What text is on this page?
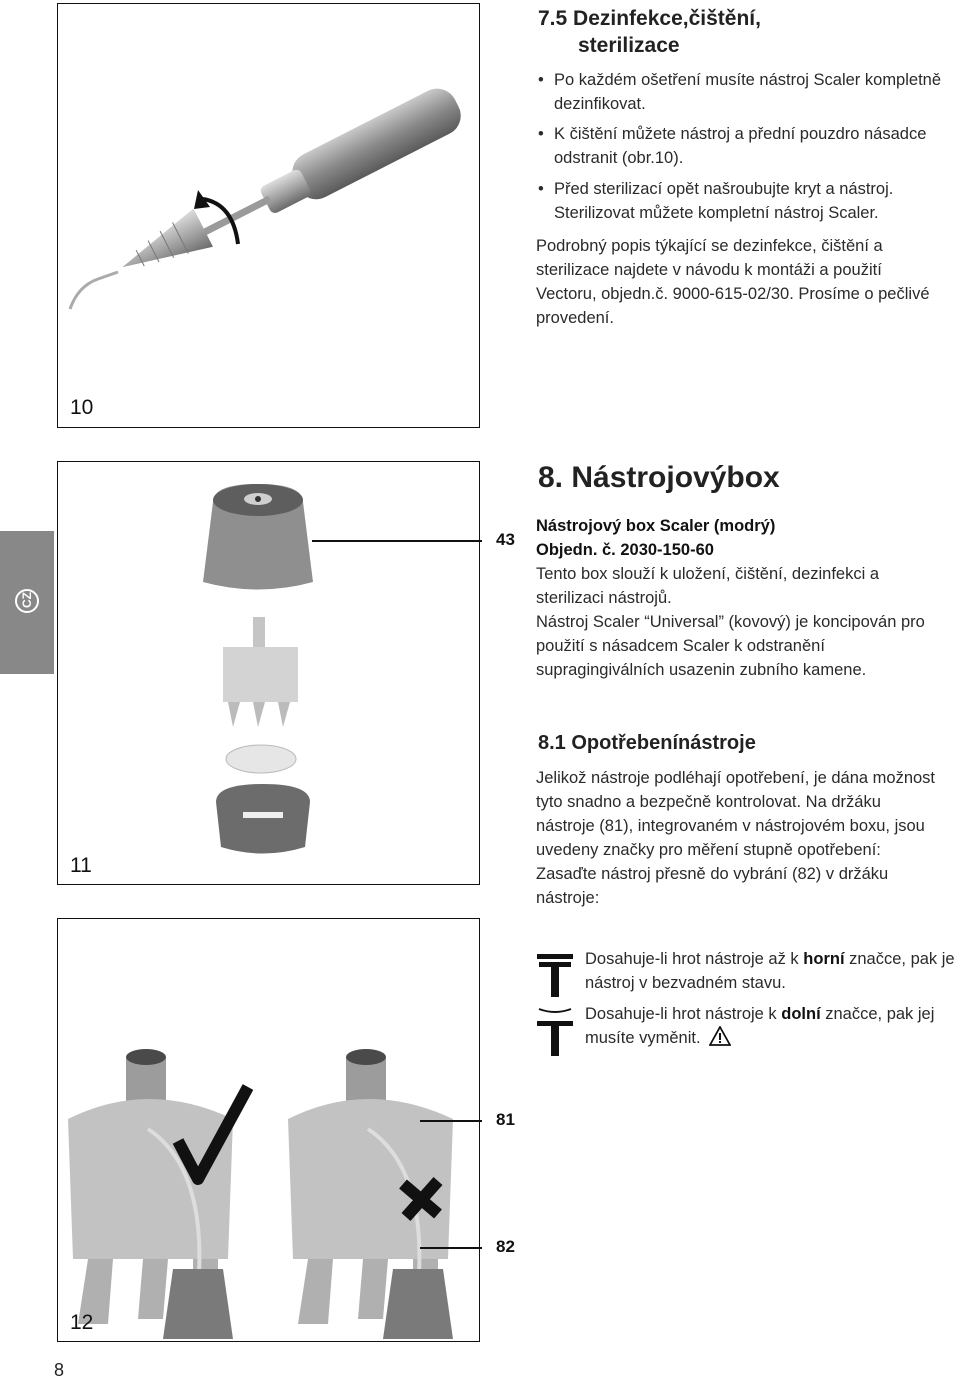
10
7.5 Dezinfekce,čištění,
sterilizace
• Po každém ošetření musíte nástroj Scaler kompletně dezinfikovat.
• K čištění můžete nástroj a přední pouzdro násadce odstranit (obr.10).
• Před sterilizací opět našroubujte kryt a nástroj. Sterilizovat můžete kompletní nástroj Scaler.
Podrobný popis týkající se dezinfekce, čištění a sterilizace najdete v návodu k montáži a použití Vectoru, objedn.č. 9000-615-02/30. Prosíme o pečlivé provedení.
11
43
CZ
8. Nástrojovýbox
Nástrojový box Scaler (modrý)
Objedn. č. 2030-150-60
Tento box slouží k uložení, čištění, dezinfekci a sterilizaci nástrojů.
Nástroj Scaler “Universal” (kovový) je koncipován pro použití s násadcem Scaler k odstranění supragingiválních usazenin zubního kamene.
8.1 Opotřebenínástroje
Jelikož nástroje podléhají opotřebení, je dána možnost tyto snadno a bezpečně kontrolovat. Na držáku nástroje (81), integrovaném v nástrojovém boxu, jsou uvedeny značky pro měření stupně opotřebení: Zasaďte nástroj přesně do vybrání (82) v držáku nástroje:
Dosahuje-li hrot nástroje až k horní značce, pak je nástroj v bezvadném stavu.
Dosahuje-li hrot nástroje k dolní značce, pak jej musíte vyměnit.
12
81
82
8
